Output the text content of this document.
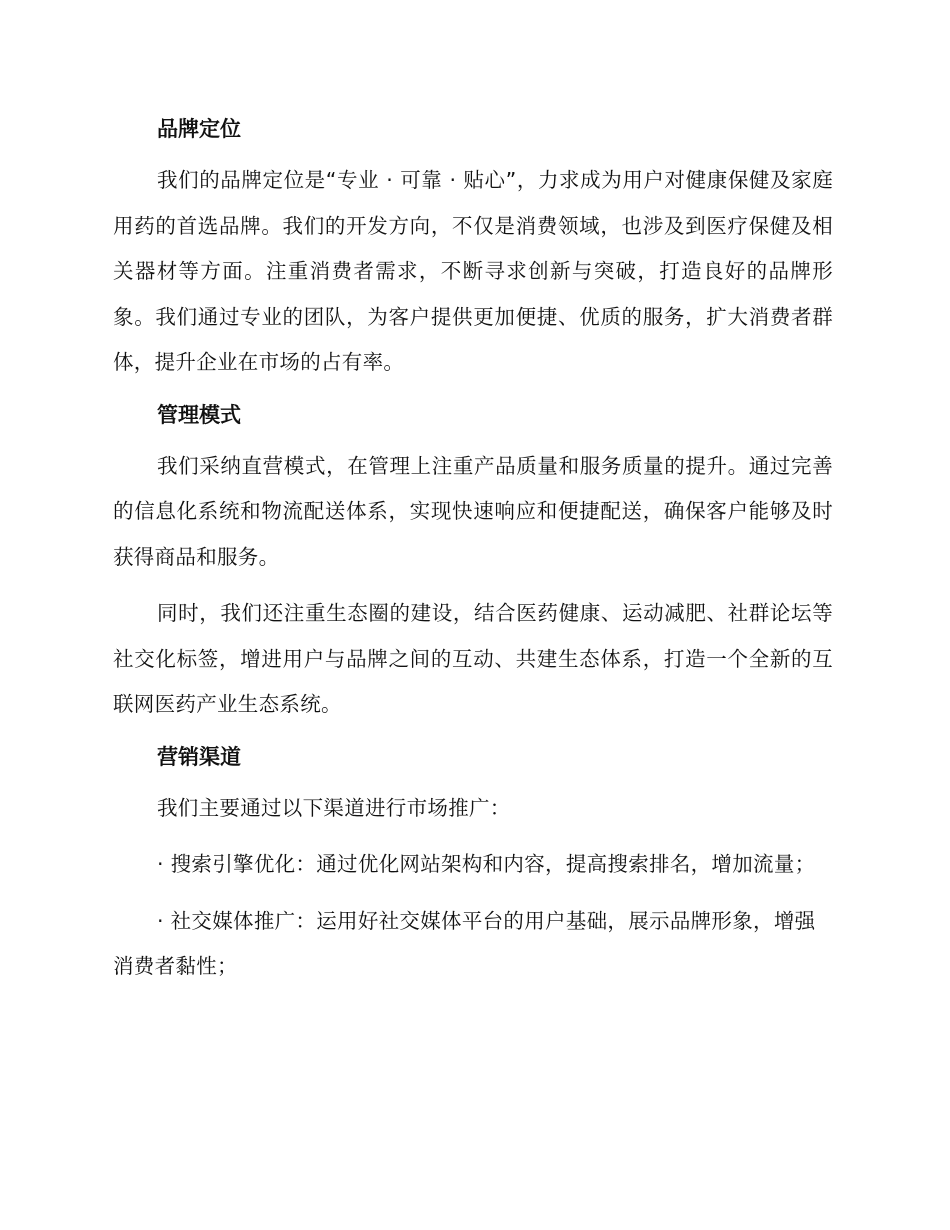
品牌定位

我们的品牌定位是“专业 · 可靠 · 贴心”，力求成为用户对健康保健及家庭用药的首选品牌。我们的开发方向，不仅是消费领域，也涉及到医疗保健及相关器材等方面。注重消费者需求，不断寻求创新与突破，打造良好的品牌形象。我们通过专业的团队，为客户提供更加便捷、优质的服务，扩大消费者群体，提升企业在市场的占有率。

管理模式

我们采纳直营模式，在管理上注重产品质量和服务质量的提升。通过完善的信息化系统和物流配送体系，实现快速响应和便捷配送，确保客户能够及时获得商品和服务。

同时，我们还注重生态圈的建设，结合医药健康、运动减肥、社群论坛等社交化标签，增进用户与品牌之间的互动、共建生态体系，打造一个全新的互联网医药产业生态系统。

营销渠道

我们主要通过以下渠道进行市场推广：

· 搜索引擎优化：通过优化网站架构和内容，提高搜索排名，增加流量；

· 社交媒体推广：运用好社交媒体平台的用户基础，展示品牌形象，增强消费者黏性；
